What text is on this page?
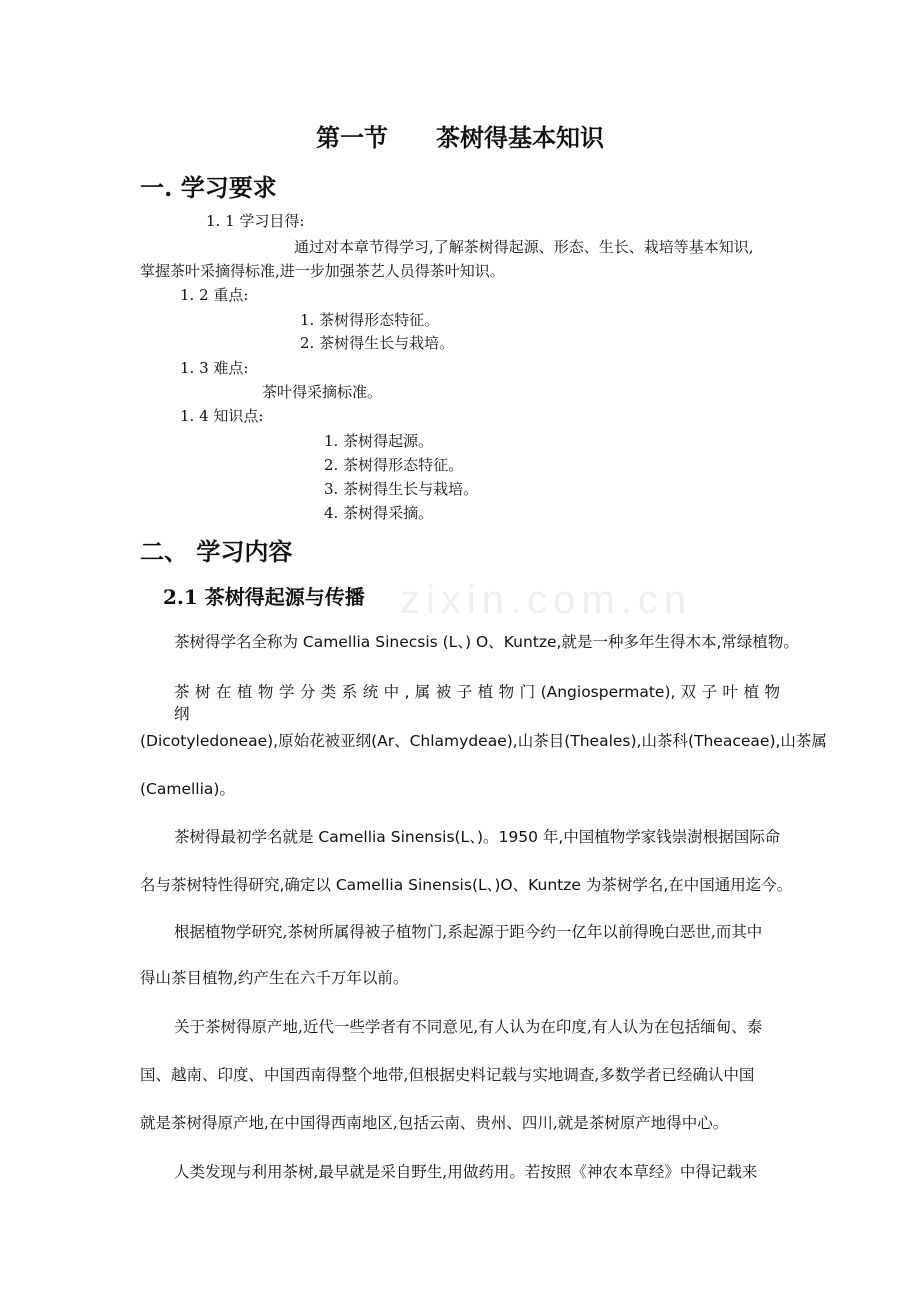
zixin.com.cn
第一节 茶树得基本知识
一. 学习要求
1. 1 学习目得:
通过对本章节得学习,了解茶树得起源、形态、生长、栽培等基本知识,
掌握茶叶采摘得标准,进一步加强茶艺人员得茶叶知识。
1. 2 重点:
1. 茶树得形态特征。
2. 茶树得生长与栽培。
1. 3 难点:
茶叶得采摘标准。
1. 4 知识点:
1. 茶树得起源。
2. 茶树得形态特征。
3. 茶树得生长与栽培。
4. 茶树得采摘。
二、 学习内容
2.1 茶树得起源与传播
茶树得学名全称为 Camellia Sinecsis (L、) O、Kuntze,就是一种多年生得木本,常绿植物。
茶 树 在 植 物 学 分 类 系 统 中 , 属 被 子 植 物 门 (Angiospermate), 双 子 叶 植 物 纲
(Dicotyledoneae),原始花被亚纲(Ar、Chlamydeae),山茶目(Theales),山茶科(Theaceae),山茶属
(Camellia)。
茶树得最初学名就是 Camellia Sinensis(L、)。1950 年,中国植物学家钱崇澍根据国际命
名与茶树特性得研究,确定以 Camellia Sinensis(L、)O、Kuntze 为茶树学名,在中国通用迄今。
根据植物学研究,茶树所属得被子植物门,系起源于距今约一亿年以前得晚白恶世,而其中
得山茶目植物,约产生在六千万年以前。
关于茶树得原产地,近代一些学者有不同意见,有人认为在印度,有人认为在包括缅甸、泰
国、越南、印度、中国西南得整个地带,但根据史料记载与实地调查,多数学者已经确认中国
就是茶树得原产地,在中国得西南地区,包括云南、贵州、四川,就是茶树原产地得中心。
人类发现与利用茶树,最早就是采自野生,用做药用。若按照《神农本草经》中得记载来
